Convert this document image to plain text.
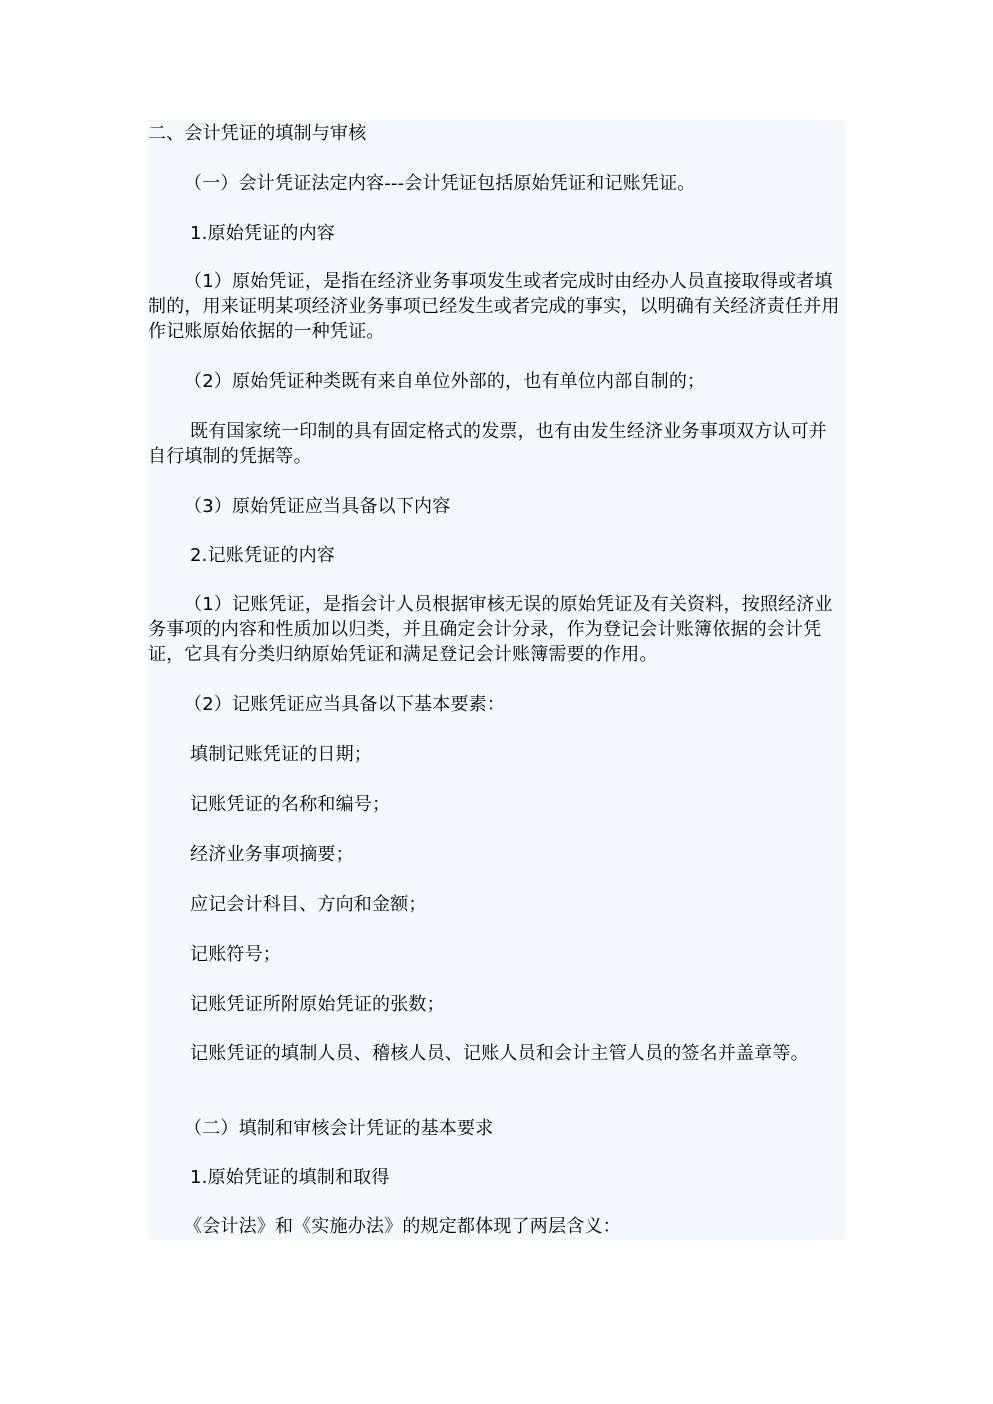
二、会计凭证的填制与审核
（一）会计凭证法定内容---会计凭证包括原始凭证和记账凭证。
1.原始凭证的内容
（1）原始凭证，是指在经济业务事项发生或者完成时由经办人员直接取得或者填制的，用来证明某项经济业务事项已经发生或者完成的事实，以明确有关经济责任并用作记账原始依据的一种凭证。
（2）原始凭证种类既有来自单位外部的，也有单位内部自制的；
既有国家统一印制的具有固定格式的发票，也有由发生经济业务事项双方认可并自行填制的凭据等。
（3）原始凭证应当具备以下内容
2.记账凭证的内容
（1）记账凭证，是指会计人员根据审核无误的原始凭证及有关资料，按照经济业务事项的内容和性质加以归类，并且确定会计分录，作为登记会计账簿依据的会计凭证，它具有分类归纳原始凭证和满足登记会计账簿需要的作用。
（2）记账凭证应当具备以下基本要素：
填制记账凭证的日期；
记账凭证的名称和编号；
经济业务事项摘要；
应记会计科目、方向和金额；
记账符号；
记账凭证所附原始凭证的张数；
记账凭证的填制人员、稽核人员、记账人员和会计主管人员的签名并盖章等。
（二）填制和审核会计凭证的基本要求
1.原始凭证的填制和取得
《会计法》和《实施办法》的规定都体现了两层含义：
